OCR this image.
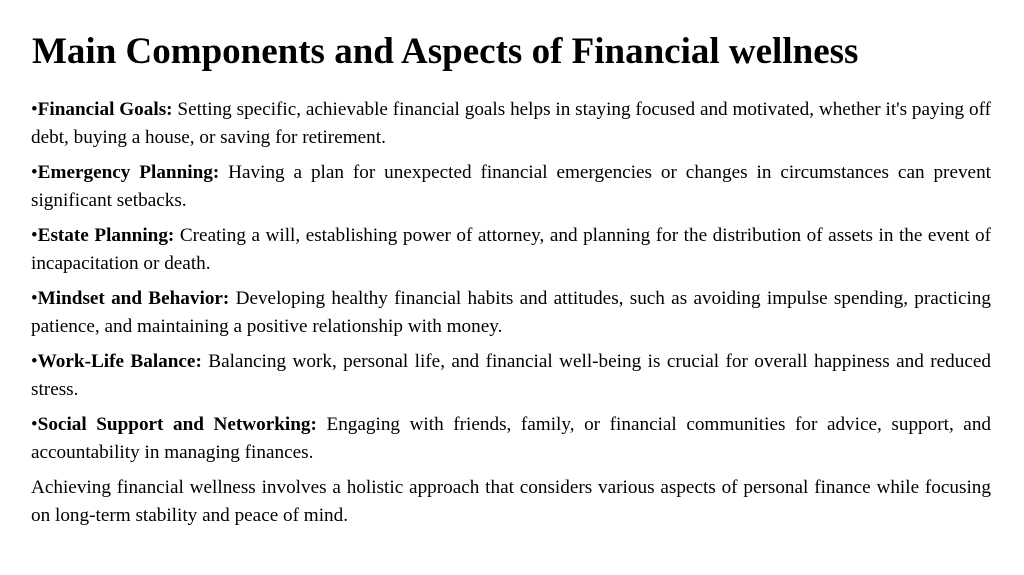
Main Components and Aspects of Financial wellness

•Financial Goals: Setting specific, achievable financial goals helps in staying focused and motivated, whether it's paying off debt, buying a house, or saving for retirement.

•Emergency Planning: Having a plan for unexpected financial emergencies or changes in circumstances can prevent significant setbacks.

•Estate Planning: Creating a will, establishing power of attorney, and planning for the distribution of assets in the event of incapacitation or death.

•Mindset and Behavior: Developing healthy financial habits and attitudes, such as avoiding impulse spending, practicing patience, and maintaining a positive relationship with money.

•Work-Life Balance: Balancing work, personal life, and financial well-being is crucial for overall happiness and reduced stress.

•Social Support and Networking: Engaging with friends, family, or financial communities for advice, support, and accountability in managing finances.

Achieving financial wellness involves a holistic approach that considers various aspects of personal finance while focusing on long-term stability and peace of mind.
